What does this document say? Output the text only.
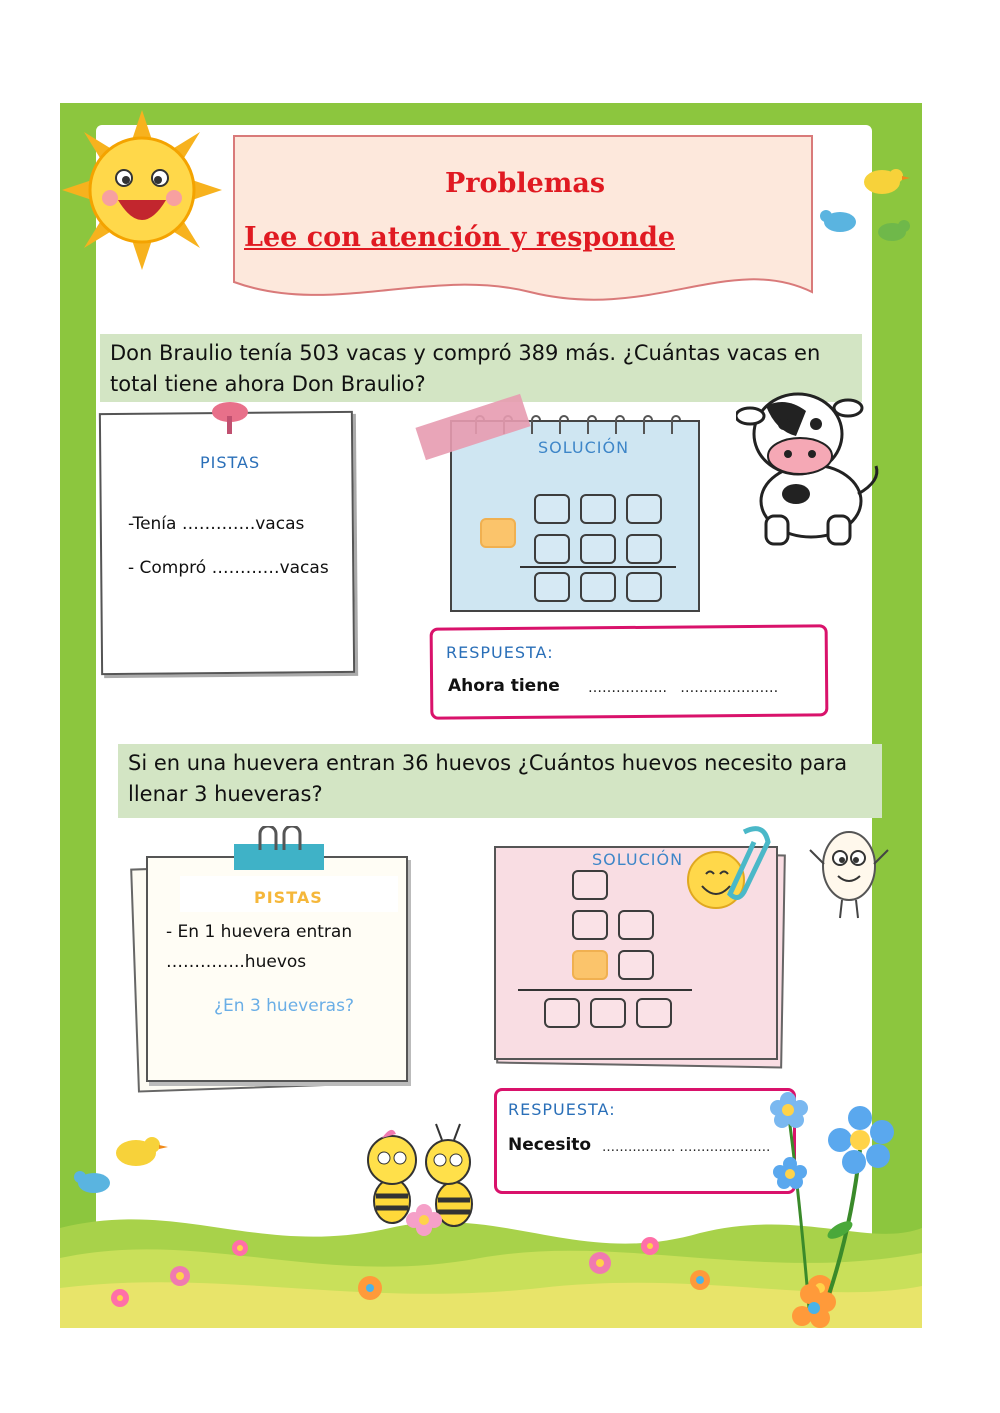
Problemas
Lee con atención y responde
Don Braulio tenía 503 vacas y compró 389 más. ¿Cuántas vacas en total tiene ahora Don Braulio?
PISTAS
-Tenía ………….vacas
- Compró …………vacas
SOLUCIÓN
RESPUESTA:
Ahora tiene ……………..   …………………
Si en una huevera entran 36 huevos ¿Cuántos huevos necesito para llenar 3 hueveras?
PISTAS
- En 1 huevera entran
…………..huevos
¿En 3 hueveras?
SOLUCIÓN
RESPUESTA:
Necesito …………….. …………………
